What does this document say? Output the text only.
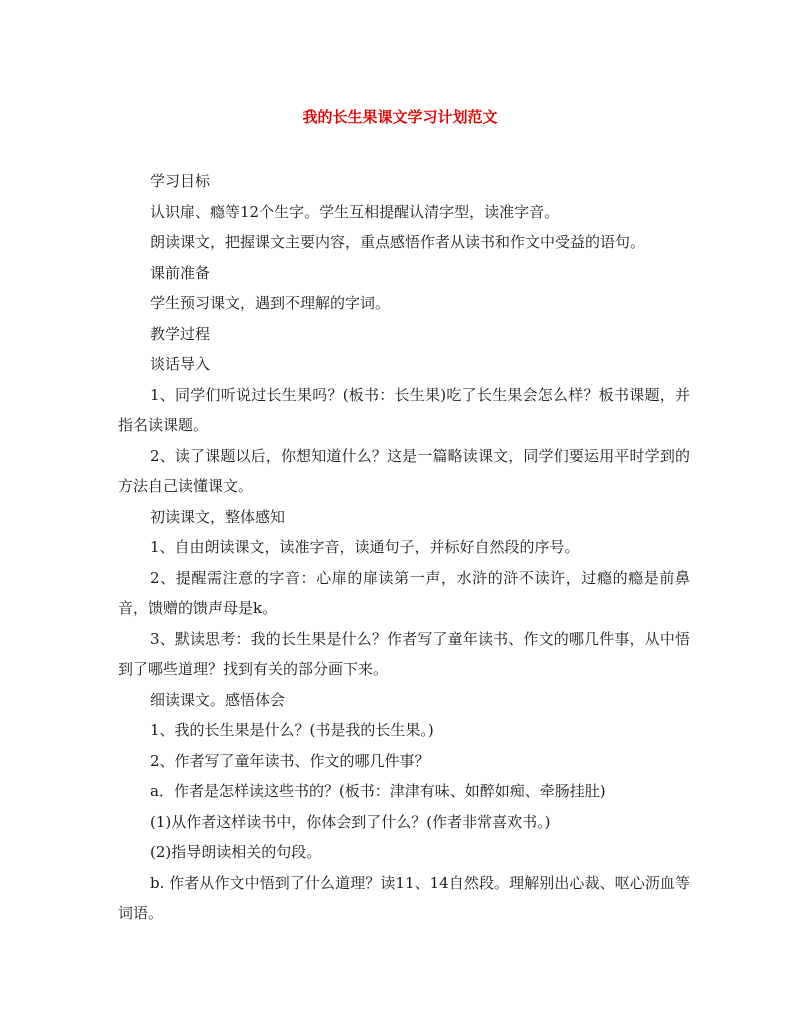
我的长生果课文学习计划范文

学习目标

认识扉、瘾等12个生字。学生互相提醒认清字型，读准字音。

朗读课文，把握课文主要内容，重点感悟作者从读书和作文中受益的语句。

课前准备

学生预习课文，遇到不理解的字词。

教学过程

谈话导入

1、同学们听说过长生果吗？(板书：长生果)吃了长生果会怎么样？板书课题，并指名读课题。

2、读了课题以后，你想知道什么？这是一篇略读课文，同学们要运用平时学到的方法自己读懂课文。

初读课文，整体感知

1、自由朗读课文，读准字音，读通句子，并标好自然段的序号。

2、提醒需注意的字音：心扉的扉读第一声，水浒的浒不读许，过瘾的瘾是前鼻音，馈赠的馈声母是k。

3、默读思考：我的长生果是什么？作者写了童年读书、作文的哪几件事，从中悟到了哪些道理？找到有关的部分画下来。

细读课文。感悟体会

1、我的长生果是什么？(书是我的长生果。)

2、作者写了童年读书、作文的哪几件事？

a．作者是怎样读这些书的？(板书：津津有味、如醉如痴、牵肠挂肚)

(1)从作者这样读书中，你体会到了什么？(作者非常喜欢书。)

(2)指导朗读相关的句段。

b. 作者从作文中悟到了什么道理？读11、14自然段。理解别出心裁、呕心沥血等词语。
